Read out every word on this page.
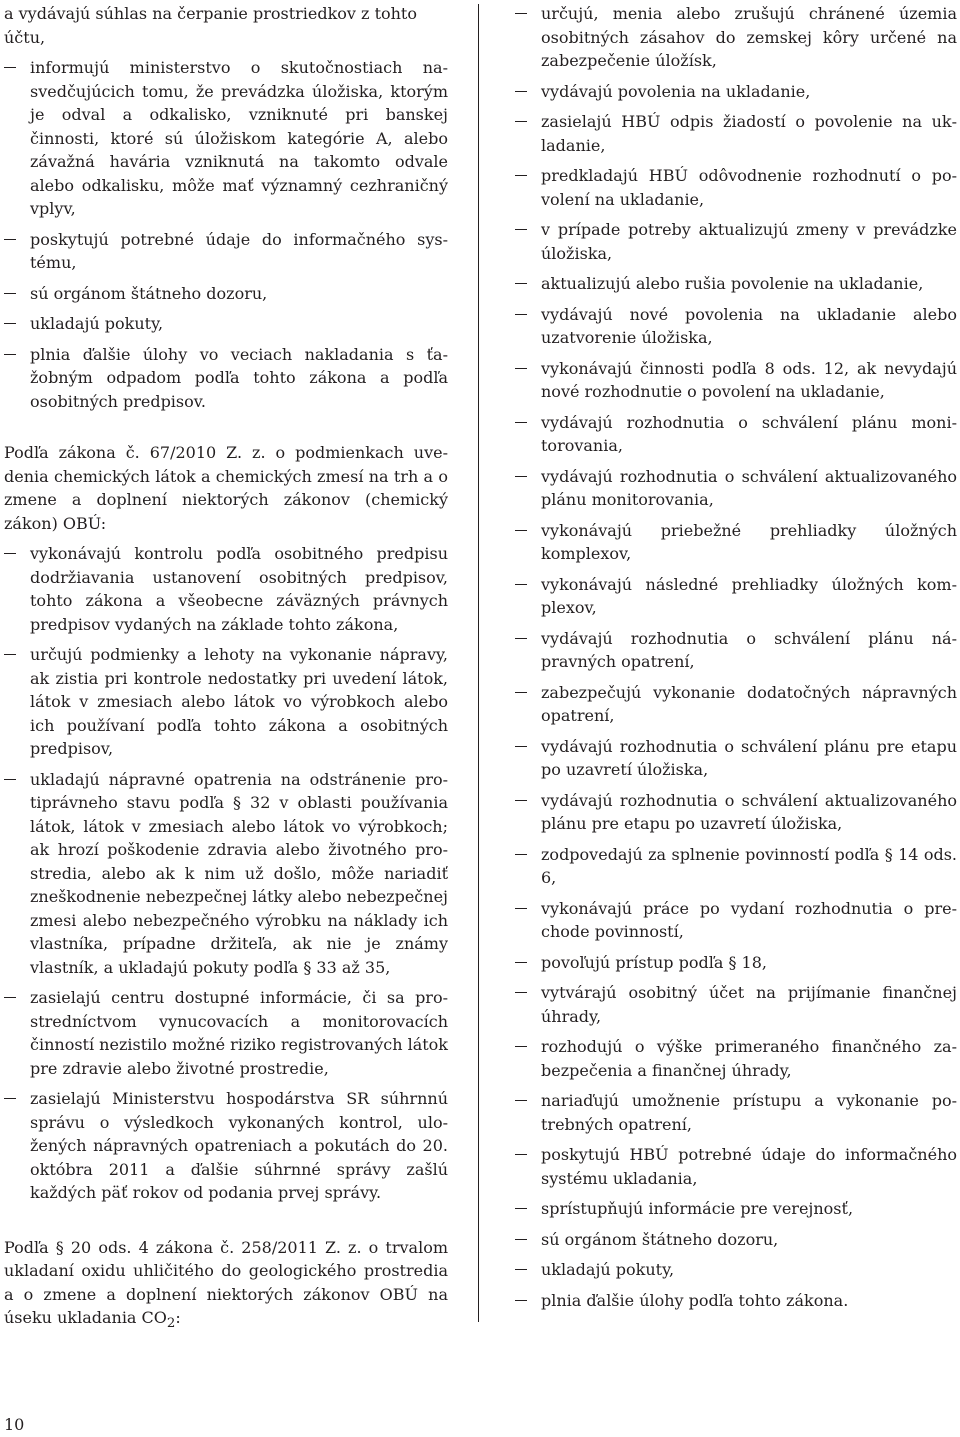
a vydávajú súhlas na čerpanie prostriedkov z tohto účtu,

informujú ministerstvo o skutočnostiach nasvedčujúcich tomu, že prevádzka úložiska, ktorým je odval a odkalisko, vzniknuté pri banskej činnosti, ktoré sú úložiskom kategórie A, alebo závažná havária vzniknutá na takomto odvale alebo odkalisku, môže mať významný cezhraničný vplyv,
poskytujú potrebné údaje do informačného systému,
sú orgánom štátneho dozoru,
ukladajú pokuty,
plnia ďalšie úlohy vo veciach nakladania s ťažobným odpadom podľa tohto zákona a podľa osobitných predpisov.

Podľa zákona č. 67/2010 Z. z. o podmienkach uvedenia chemických látok a chemických zmesí na trh a o zmene a doplnení niektorých zákonov (chemický zákon) OBÚ:

vykonávajú kontrolu podľa osobitného predpisu dodržiavania ustanovení osobitných predpisov, tohto zákona a všeobecne záväzných právnych predpisov vydaných na základe tohto zákona,
určujú podmienky a lehoty na vykonanie nápravy, ak zistia pri kontrole nedostatky pri uvedení látok, látok v zmesiach alebo látok vo výrobkoch alebo ich používaní podľa tohto zákona a osobitných predpisov,
ukladajú nápravné opatrenia na odstránenie protiprávneho stavu podľa § 32 v oblasti používania látok, látok v zmesiach alebo látok vo výrobkoch; ak hrozí poškodenie zdravia alebo životného prostredia, alebo ak k nim už došlo, môže nariadiť zneškodnenie nebezpečnej látky alebo nebezpečnej zmesi alebo nebezpečného výrobku na náklady ich vlastníka, prípadne držiteľa, ak nie je známy vlastník, a ukladajú pokuty podľa § 33 až 35,
zasielajú centru dostupné informácie, či sa prostredníctvom vynucovacích a monitorovacích činností nezistilo možné riziko registrovaných látok pre zdravie alebo životné prostredie,
zasielajú Ministerstvu hospodárstva SR súhrnnú správu o výsledkoch vykonaných kontrol, uložených nápravných opatreniach a pokutách do 20. októbra 2011 a ďalšie súhrnné správy zašlú každých päť rokov od podania prvej správy.

Podľa § 20 ods. 4 zákona č. 258/2011 Z. z. o trvalom ukladaní oxidu uhličitého do geologického prostredia a o zmene a doplnení niektorých zákonov OBÚ na úseku ukladania $CO_2$:

určujú, menia alebo zrušujú chránené územia osobitných zásahov do zemskej kôry určené na zabezpečenie úložísk,
vydávajú povolenia na ukladanie,
zasielajú HBÚ odpis žiadostí o povolenie na ukladanie,
predkladajú HBÚ odôvodnenie rozhodnutí o povolení na ukladanie,
v prípade potreby aktualizujú zmeny v prevádzke úložiska,
aktualizujú alebo rušia povolenie na ukladanie,
vydávajú nové povolenia na ukladanie alebo uzatvorenie úložiska,
vykonávajú činnosti podľa 8 ods. 12, ak nevydajú nové rozhodnutie o povolení na ukladanie,
vydávajú rozhodnutia o schválení plánu monitorovania,
vydávajú rozhodnutia o schválení aktualizovaného plánu monitorovania,
vykonávajú priebežné prehliadky úložných komplexov,
vykonávajú následné prehliadky úložných komplexov,
vydávajú rozhodnutia o schválení plánu nápravných opatrení,
zabezpečujú vykonanie dodatočných nápravných opatrení,
vydávajú rozhodnutia o schválení plánu pre etapu po uzavretí úložiska,
vydávajú rozhodnutia o schválení aktualizovaného plánu pre etapu po uzavretí úložiska,
zodpovedajú za splnenie povinností podľa § 14 ods. 6,
vykonávajú práce po vydaní rozhodnutia o prechode povinností,
povoľujú prístup podľa § 18,
vytvárajú osobitný účet na prijímanie finančnej úhrady,
rozhodujú o výške primeraného finančného zabezpečenia a finančnej úhrady,
nariaďujú umožnenie prístupu a vykonanie potrebných opatrení,
poskytujú HBÚ potrebné údaje do informačného systému ukladania,
sprístupňujú informácie pre verejnosť,
sú orgánom štátneho dozoru,
ukladajú pokuty,
plnia ďalšie úlohy podľa tohto zákona.
10
